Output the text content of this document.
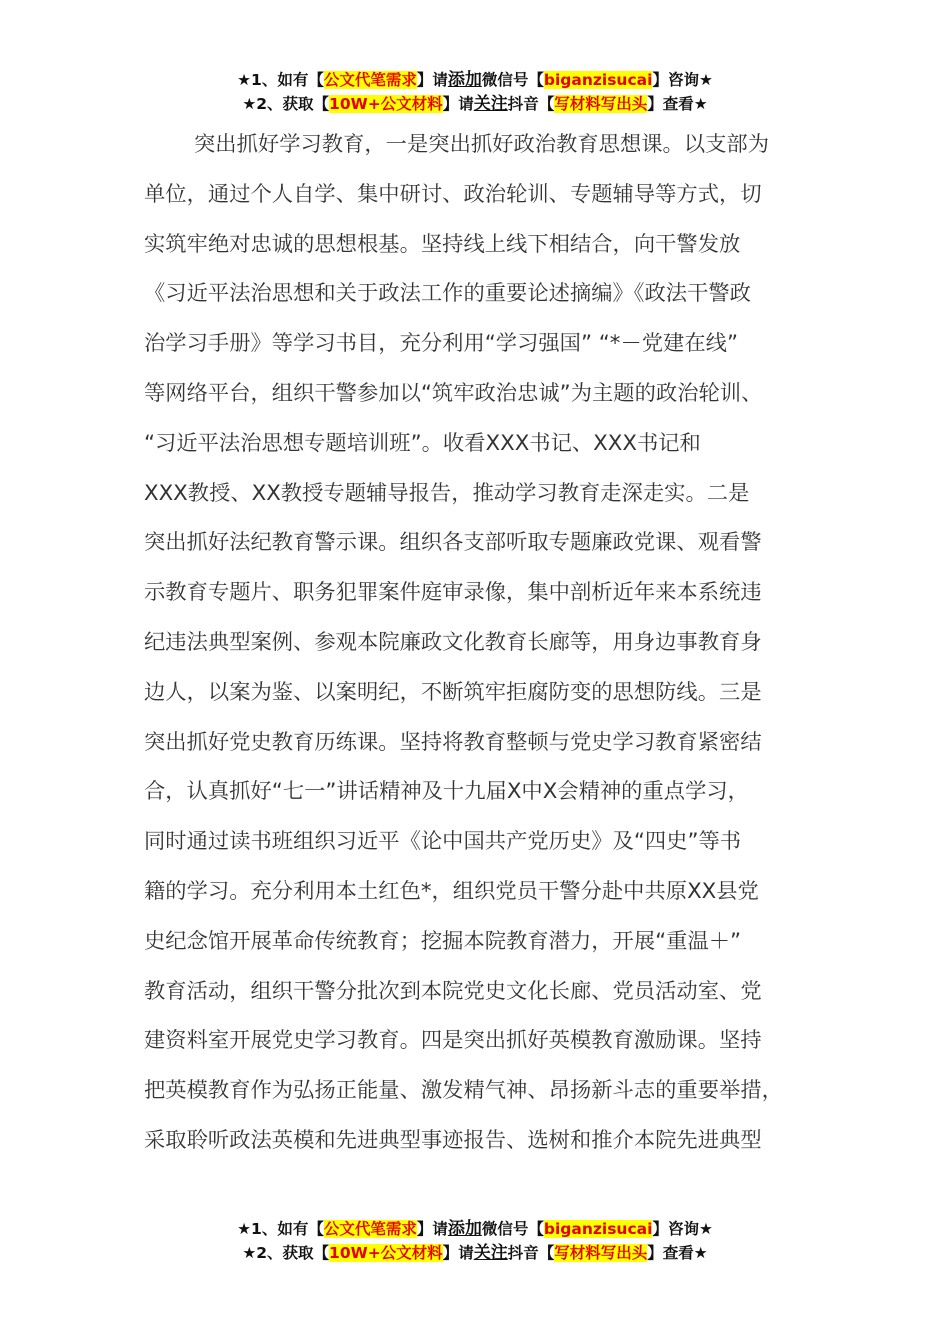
★1、如有【公文代笔需求】请添加微信号【biganzisucai】咨询★
★2、获取【10W+公文材料】请关注抖音【写材料写出头】查看★
突出抓好学习教育，一是突出抓好政治教育思想课。以支部为
单位，通过个人自学、集中研讨、政治轮训、专题辅导等方式，切
实筑牢绝对忠诚的思想根基。坚持线上线下相结合，向干警发放
《习近平法治思想和关于政法工作的重要论述摘编》《政法干警政
治学习手册》等学习书目，充分利用“学习强国” “*－党建在线”
等网络平台，组织干警参加以“筑牢政治忠诚”为主题的政治轮训、
“习近平法治思想专题培训班”。收看XXX书记、XXX书记和
XXX教授、XX教授专题辅导报告，推动学习教育走深走实。二是
突出抓好法纪教育警示课。组织各支部听取专题廉政党课、观看警
示教育专题片、职务犯罪案件庭审录像，集中剖析近年来本系统违
纪违法典型案例、参观本院廉政文化教育长廊等，用身边事教育身
边人，以案为鉴、以案明纪，不断筑牢拒腐防变的思想防线。三是
突出抓好党史教育历练课。坚持将教育整顿与党史学习教育紧密结
合，认真抓好“七一”讲话精神及十九届X中X会精神的重点学习，
同时通过读书班组织习近平《论中国共产党历史》及“四史”等书
籍的学习。充分利用本土红色*，组织党员干警分赴中共原XX县党
史纪念馆开展革命传统教育；挖掘本院教育潜力，开展“重温＋”
教育活动，组织干警分批次到本院党史文化长廊、党员活动室、党
建资料室开展党史学习教育。四是突出抓好英模教育激励课。坚持
把英模教育作为弘扬正能量、激发精气神、昂扬新斗志的重要举措，
采取聆听政法英模和先进典型事迹报告、选树和推介本院先进典型
★1、如有【公文代笔需求】请添加微信号【biganzisucai】咨询★
★2、获取【10W+公文材料】请关注抖音【写材料写出头】查看★
